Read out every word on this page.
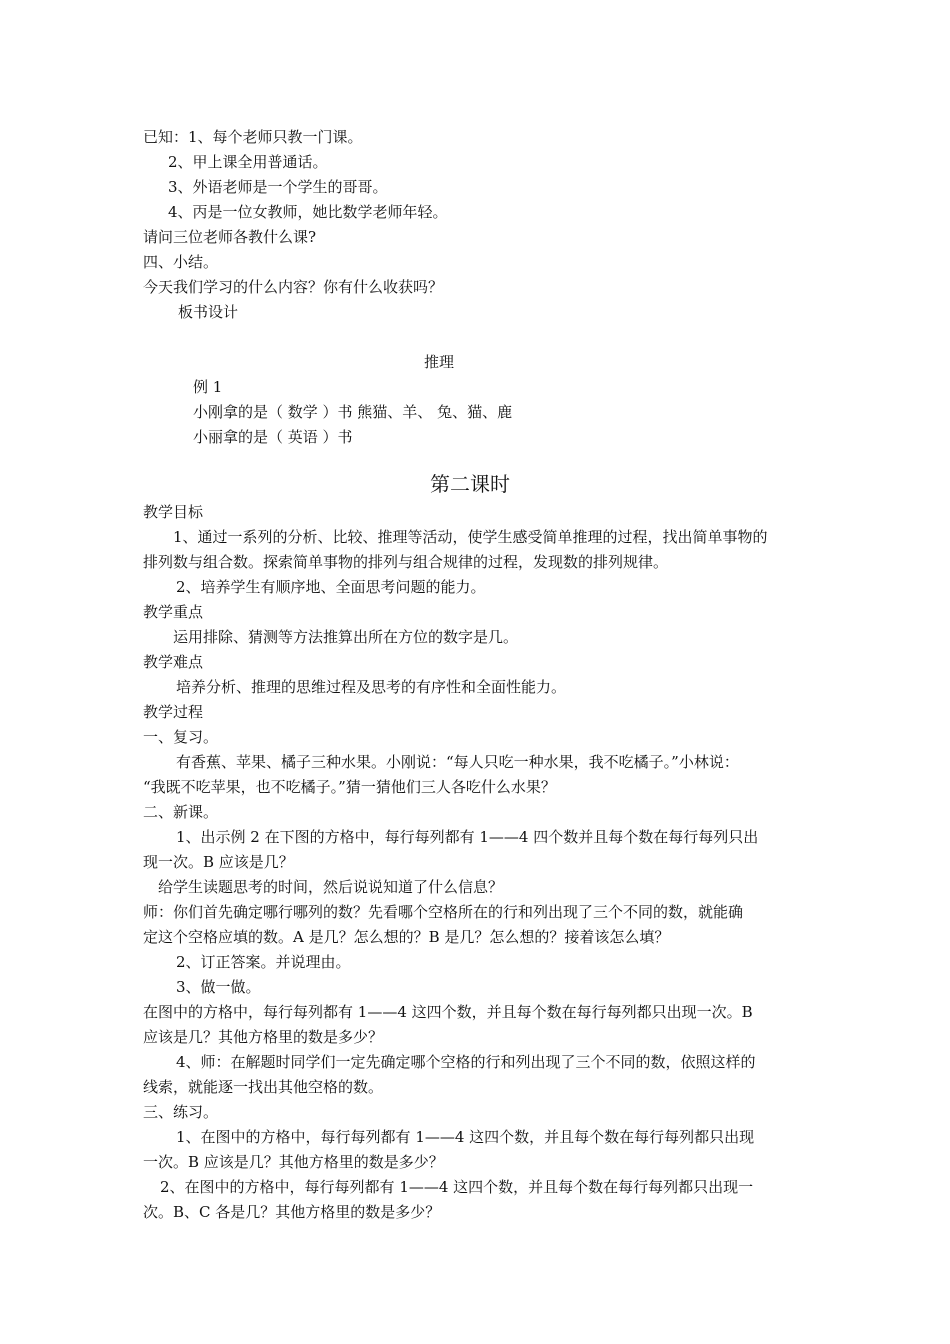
已知：1、每个老师只教一门课。
2、甲上课全用普通话。
3、外语老师是一个学生的哥哥。
4、丙是一位女教师，她比数学老师年轻。
请问三位老师各教什么课?
四、小结。
今天我们学习的什么内容？你有什么收获吗？
板书设计
推理
例 1
小刚拿的是（ 数学 ）书 熊猫、羊、 兔、猫、鹿
小丽拿的是（ 英语 ）书
第二课时
教学目标
1、通过一系列的分析、比较、推理等活动，使学生感受简单推理的过程，找出简单事物的
排列数与组合数。探索简单事物的排列与组合规律的过程，发现数的排列规律。
2、培养学生有顺序地、全面思考问题的能力。
教学重点
运用排除、猜测等方法推算出所在方位的数字是几。
教学难点
培养分析、推理的思维过程及思考的有序性和全面性能力。
教学过程
一、复习。
有香蕉、苹果、橘子三种水果。小刚说：“每人只吃一种水果，我不吃橘子。”小林说：
“我既不吃苹果，也不吃橘子。”猜一猜他们三人各吃什么水果？
二、新课。
1、出示例 2 在下图的方格中，每行每列都有 1——4 四个数并且每个数在每行每列只出
现一次。B 应该是几？
给学生读题思考的时间，然后说说知道了什么信息？
师：你们首先确定哪行哪列的数？先看哪个空格所在的行和列出现了三个不同的数，就能确
定这个空格应填的数。A 是几？怎么想的？B 是几？怎么想的？接着该怎么填？
2、订正答案。并说理由。
3、做一做。
在图中的方格中，每行每列都有 1——4 这四个数，并且每个数在每行每列都只出现一次。B
应该是几？其他方格里的数是多少？
4、师：在解题时同学们一定先确定哪个空格的行和列出现了三个不同的数，依照这样的
线索，就能逐一找出其他空格的数。
三、练习。
1、在图中的方格中，每行每列都有 1——4 这四个数，并且每个数在每行每列都只出现
一次。B 应该是几？其他方格里的数是多少？
2、在图中的方格中，每行每列都有 1——4 这四个数，并且每个数在每行每列都只出现一
次。B、C 各是几？其他方格里的数是多少？
